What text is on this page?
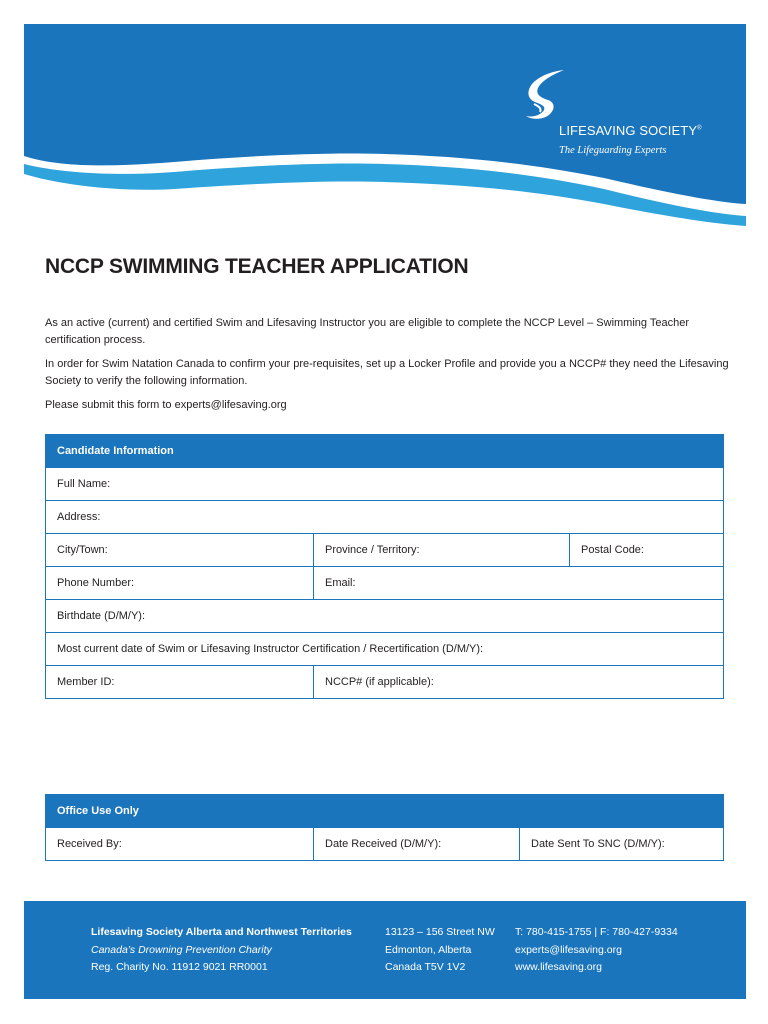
LIFESAVING SOCIETY®
The Lifeguarding Experts
NCCP SWIMMING TEACHER APPLICATION

As an active (current) and certified Swim and Lifesaving Instructor you are eligible to complete the NCCP Level – Swimming Teacher certification process.

In order for Swim Natation Canada to confirm your pre-requisites, set up a Locker Profile and provide you a NCCP# they need the Lifesaving Society to verify the following information.

Please submit this form to experts@lifesaving.org

Candidate Information
Full Name:
Address:
City/Town:	Province / Territory:	Postal Code:
Phone Number:	Email:
Birthdate (D/M/Y):
Most current date of Swim or Lifesaving Instructor Certification / Recertification (D/M/Y):
Member ID:	NCCP# (if applicable):
Office Use Only
Received By:	Date Received (D/M/Y):	Date Sent To SNC (D/M/Y):
Lifesaving Society Alberta and Northwest Territories
Canada’s Drowning Prevention Charity
Reg. Charity No. 11912 9021 RR0001
13123 – 156 Street NW
Edmonton, Alberta
Canada T5V 1V2
T: 780-415-1755 | F: 780-427-9334
experts@lifesaving.org
www.lifesaving.org
